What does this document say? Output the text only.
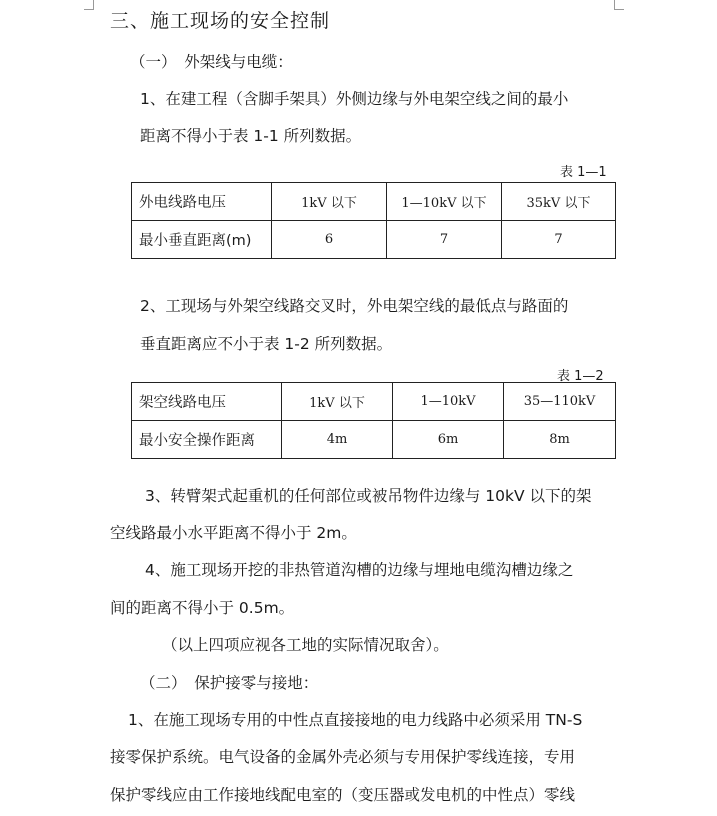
三、施工现场的安全控制
（一）　外架线与电缆：
1、在建工程（含脚手架具）外侧边缘与外电架空线之间的最小
距离不得小于表 1-1 所列数据。
表 1—1
外电线路电压	1kV 以下	1—10kV 以下	35kV 以下
最小垂直距离(m)	6	7	7
2、工现场与外架空线路交叉时，外电架空线的最低点与路面的
垂直距离应不小于表 1-2 所列数据。
表 1—2
架空线路电压	1kV 以下	1—10kV	35—110kV
最小安全操作距离	4m	6m	8m
3、转臂架式起重机的任何部位或被吊物件边缘与 10kV 以下的架
空线路最小水平距离不得小于 2m。
4、施工现场开挖的非热管道沟槽的边缘与埋地电缆沟槽边缘之
间的距离不得小于 0.5m。
（以上四项应视各工地的实际情况取舍）。
（二）　保护接零与接地：
1、在施工现场专用的中性点直接接地的电力线路中必须采用 TN-S
接零保护系统。电气设备的金属外壳必须与专用保护零线连接，专用
保护零线应由工作接地线配电室的（变压器或发电机的中性点）零线
